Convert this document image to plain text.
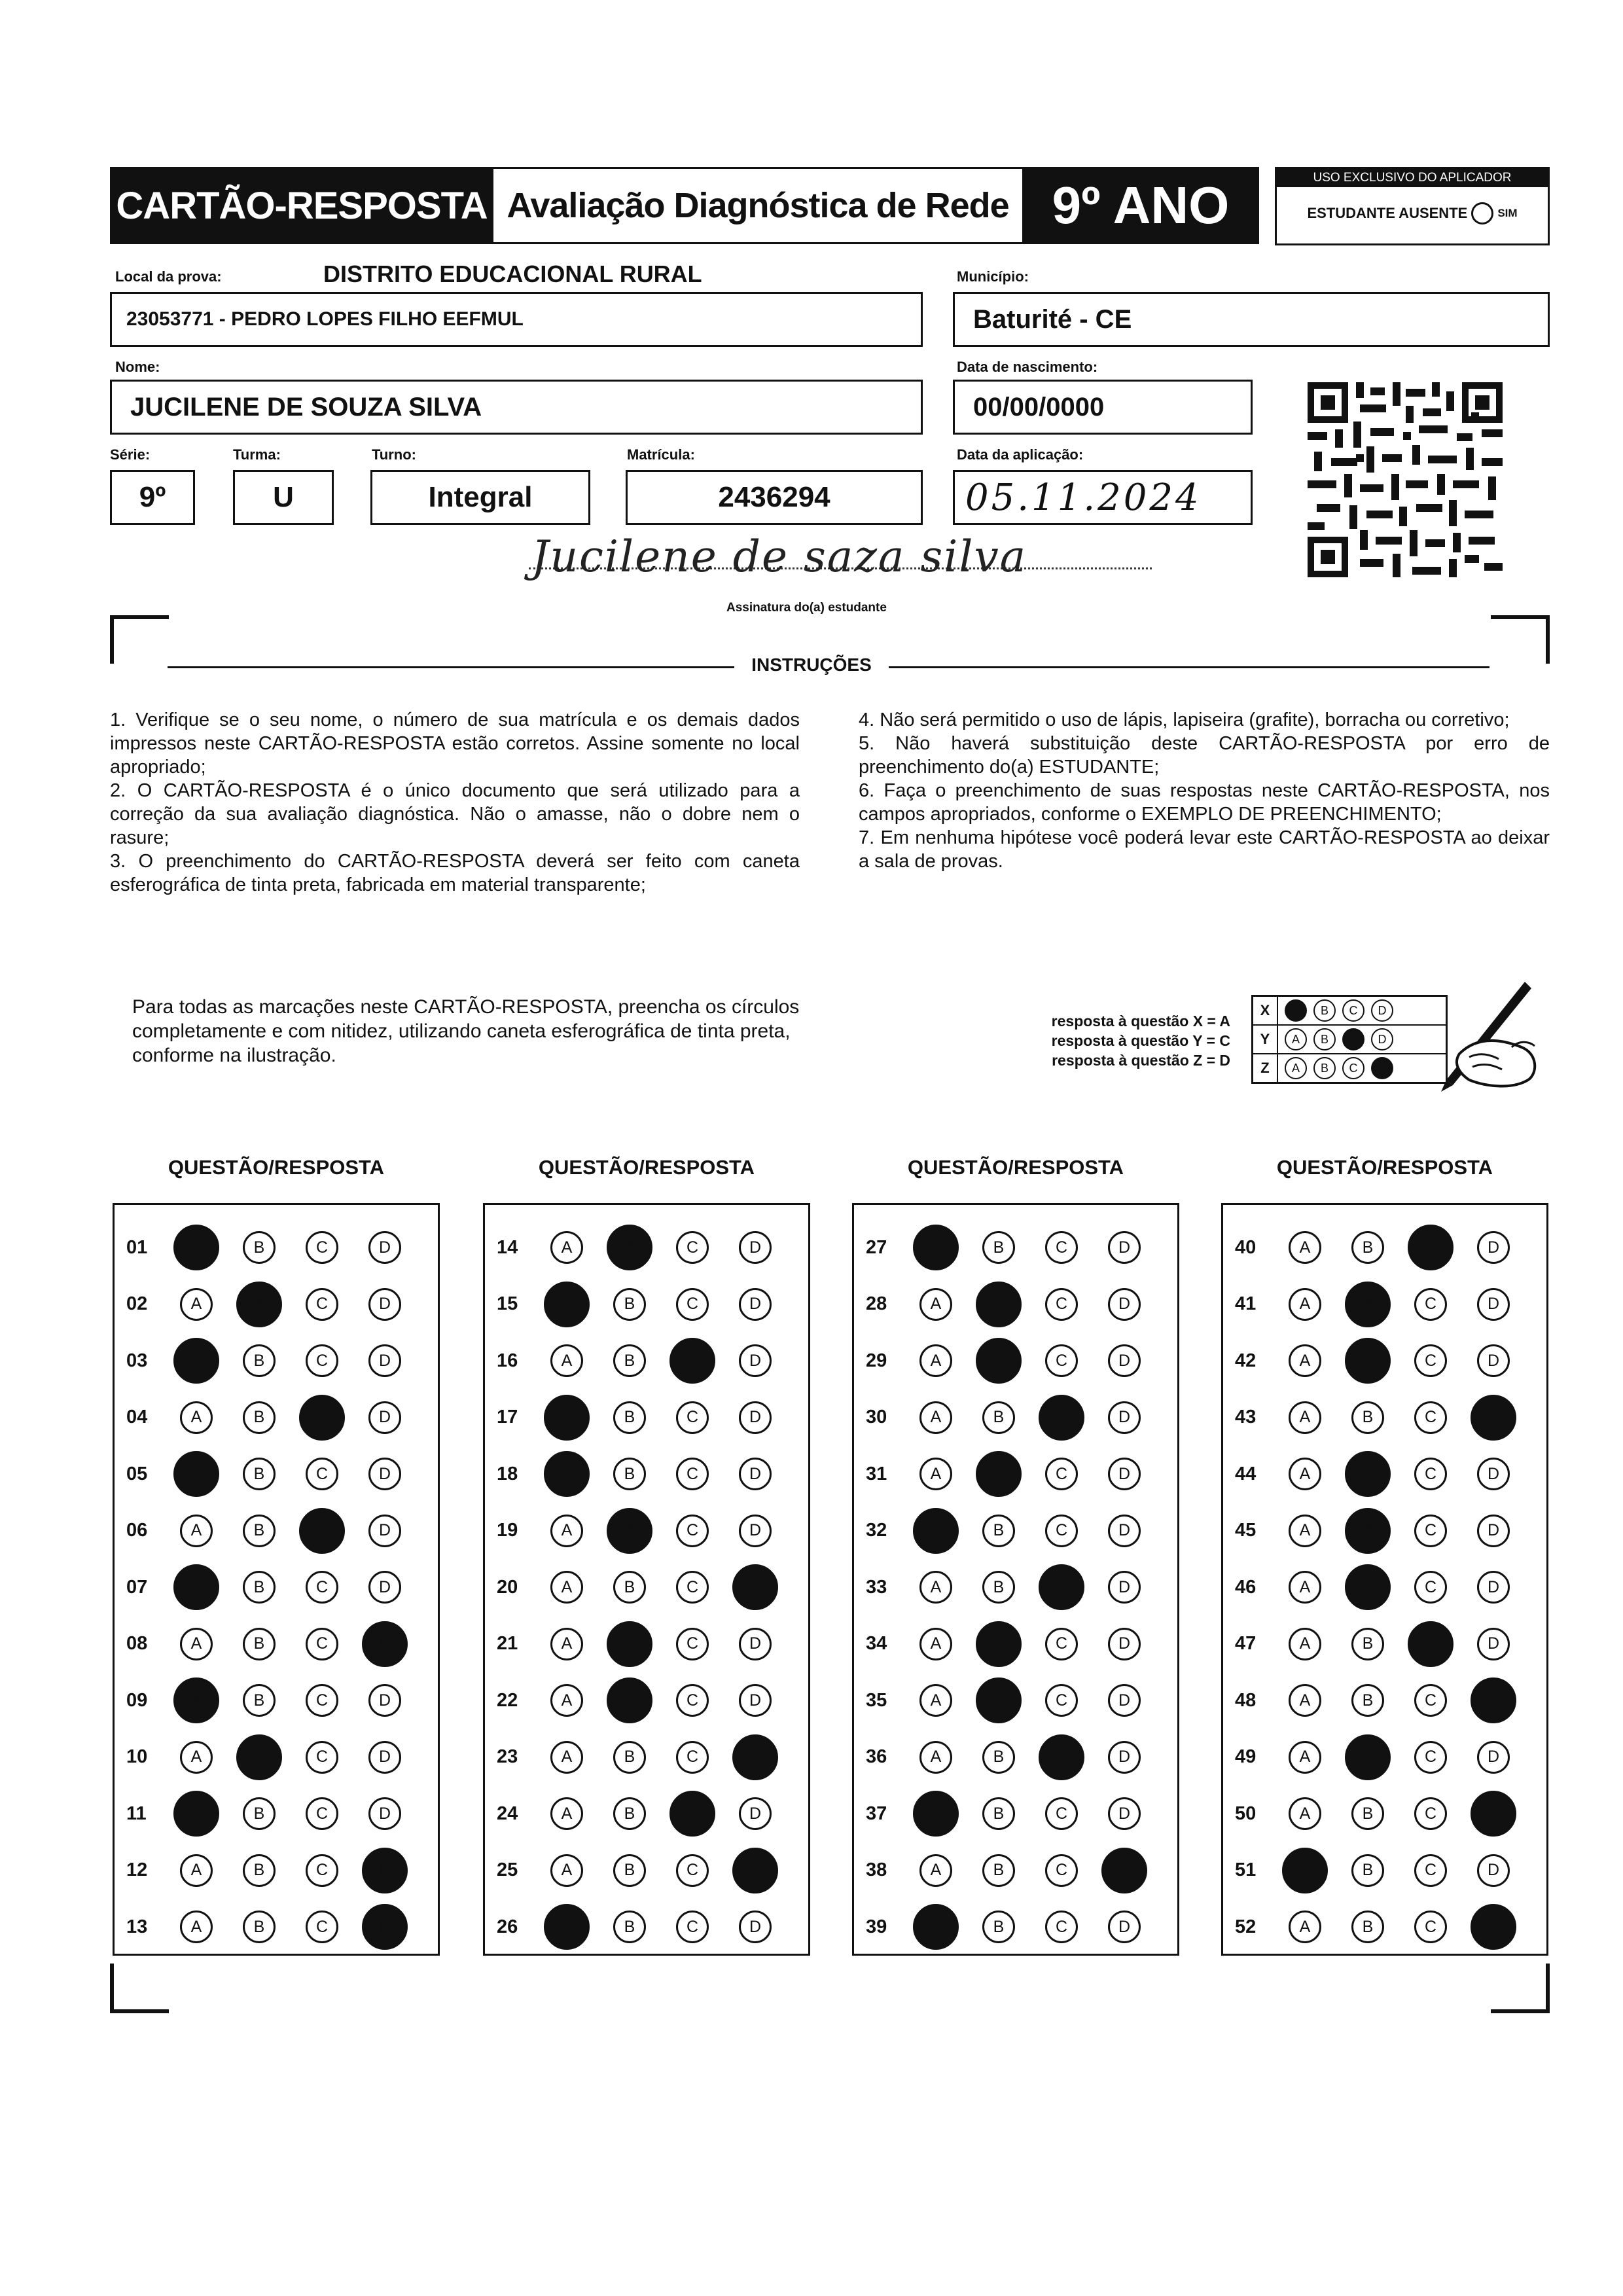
CARTÃO-RESPOSTA Avaliação Diagnóstica de Rede 9º ANO	USO EXCLUSIVO DO APLICADOR
ESTUDANTE AUSENTE	SIM
Local da prova:	DISTRITO EDUCACIONAL RURAL
23053771 - PEDRO LOPES FILHO EEFMUL
Município:
Baturité - CE
Nome:
JUCILENE DE SOUZA SILVA
Data de nascimento:
00/00/0000
Série:
9º
Turma:
U
Turno:
Integral
Matrícula:
2436294
Data da aplicação:
05.11.2024
Jucilene de saza silva
Assinatura do(a) estudante
INSTRUÇÕES

1. Verifique se o seu nome, o número de sua matrícula e os demais dados impressos neste CARTÃO-RESPOSTA estão corretos. Assine somente no local apropriado;

2. O CARTÃO-RESPOSTA é o único documento que será utilizado para a correção da sua avaliação diagnóstica. Não o amasse, não o dobre nem o rasure;

3. O preenchimento do CARTÃO-RESPOSTA deverá ser feito com caneta esferográfica de tinta preta, fabricada em material transparente;

4. Não será permitido o uso de lápis, lapiseira (grafite), borracha ou corretivo;

5. Não haverá substituição deste CARTÃO-RESPOSTA por erro de preenchimento do(a) ESTUDANTE;

6. Faça o preenchimento de suas respostas neste CARTÃO-RESPOSTA, nos campos apropriados, conforme o EXEMPLO DE PREENCHIMENTO;

7. Em nenhuma hipótese você poderá levar este CARTÃO-RESPOSTA ao deixar a sala de provas.

Para todas as marcações neste CARTÃO-RESPOSTA, preencha os círculos completamente e com nitidez, utilizando caneta esferográfica de tinta preta, conforme na ilustração.
resposta à questão X = A
resposta à questão Y = C
resposta à questão Z = D
X	A	B	C	D
Y	A	B	C	D
Z	A	B	C	D
QUESTÃO/RESPOSTA	QUESTÃO/RESPOSTA	QUESTÃO/RESPOSTA	QUESTÃO/RESPOSTA
01	A	B	C	D
02	A	B	C	D
03	A	B	C	D
04	A	B	C	D
05	A	B	C	D
06	A	B	C	D
07	A	B	C	D
08	A	B	C	D
09	A	B	C	D
10	A	B	C	D
11	A	B	C	D
12	A	B	C	D
13	A	B	C	D
14	A	B	C	D
15	A	B	C	D
16	A	B	C	D
17	A	B	C	D
18	A	B	C	D
19	A	B	C	D
20	A	B	C	D
21	A	B	C	D
22	A	B	C	D
23	A	B	C	D
24	A	B	C	D
25	A	B	C	D
26	A	B	C	D
27	A	B	C	D
28	A	B	C	D
29	A	B	C	D
30	A	B	C	D
31	A	B	C	D
32	A	B	C	D
33	A	B	C	D
34	A	B	C	D
35	A	B	C	D
36	A	B	C	D
37	A	B	C	D
38	A	B	C	D
39	A	B	C	D
40	A	B	C	D
41	A	B	C	D
42	A	B	C	D
43	A	B	C	D
44	A	B	C	D
45	A	B	C	D
46	A	B	C	D
47	A	B	C	D
48	A	B	C	D
49	A	B	C	D
50	A	B	C	D
51	A	B	C	D
52	A	B	C	D
